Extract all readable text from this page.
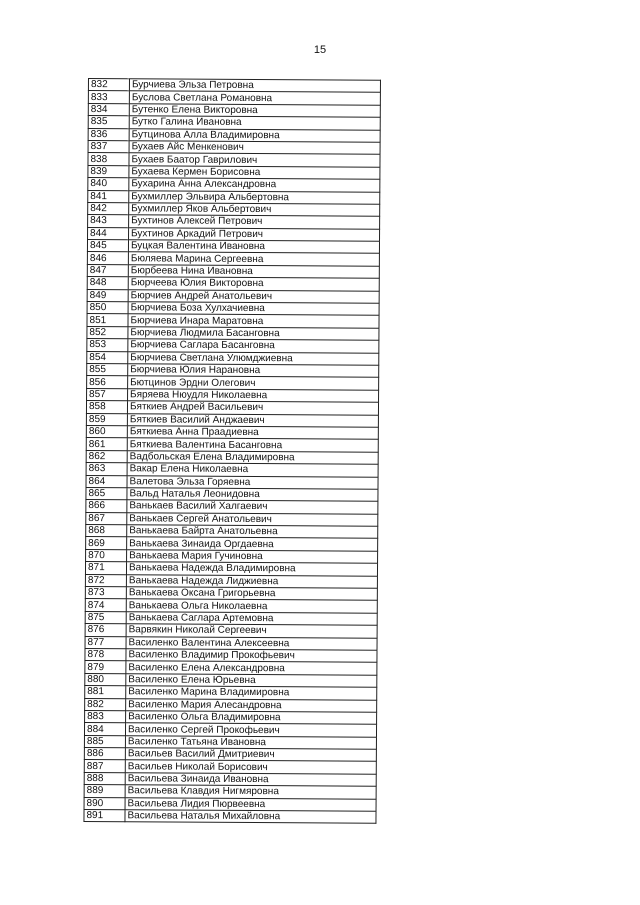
15
832	Бурчиева Эльза Петровна
833	Буслова Светлана Романовна
834	Бутенко Елена Викторовна
835	Бутко Галина Ивановна
836	Бутцинова Алла Владимировна
837	Бухаев Айс Менкенович
838	Бухаев Баатор Гаврилович
839	Бухаева Кермен Борисовна
840	Бухарина Анна Александровна
841	Бухмиллер Эльвира Альбертовна
842	Бухмиллер Яков Альбертович
843	Бухтинов Алексей Петрович
844	Бухтинов Аркадий Петрович
845	Буцкая Валентина Ивановна
846	Бюляева Марина Сергеевна
847	Бюрбеева Нина Ивановна
848	Бюрчеева Юлия Викторовна
849	Бюрчиев Андрей Анатольевич
850	Бюрчиева Боза Хулхачиевна
851	Бюрчиева Инара Маратовна
852	Бюрчиева Людмила Басанговна
853	Бюрчиева Саглара Басанговна
854	Бюрчиева Светлана Улюмджиевна
855	Бюрчиева Юлия Нарановна
856	Бютцинов Эрдни Олегович
857	Бяряева Нюудля Николаевна
858	Бяткиев Андрей Васильевич
859	Бяткиев Василий Анджаевич
860	Бяткиева Анна Праадиевна
861	Бяткиева Валентина Басанговна
862	Вадбольская Елена Владимировна
863	Вакар Елена Николаевна
864	Валетова Эльза Горяевна
865	Вальд Наталья Леонидовна
866	Ванькаев Василий Халгаевич
867	Ванькаев Сергей Анатольевич
868	Ванькаева Байрта Анатольевна
869	Ванькаева Зинаида Оргдаевна
870	Ванькаева Мария Гучиновна
871	Ванькаева Надежда Владимировна
872	Ванькаева Надежда Лиджиевна
873	Ванькаева Оксана Григорьевна
874	Ванькаева Ольга Николаевна
875	Ванькаева Саглара Артемовна
876	Варвякин Николай Сергеевич
877	Василенко Валентина Алексеевна
878	Василенко Владимир Прокофьевич
879	Василенко Елена Александровна
880	Василенко Елена Юрьевна
881	Василенко Марина Владимировна
882	Василенко Мария Алесандровна
883	Василенко Ольга Владимировна
884	Василенко Сергей Прокофьевич
885	Василенко Татьяна Ивановна
886	Васильев Василий Дмитриевич
887	Васильев Николай Борисович
888	Васильева Зинаида Ивановна
889	Васильева Клавдия Нигмяровна
890	Васильева Лидия Пюрвеевна
891	Васильева Наталья Михайловна
